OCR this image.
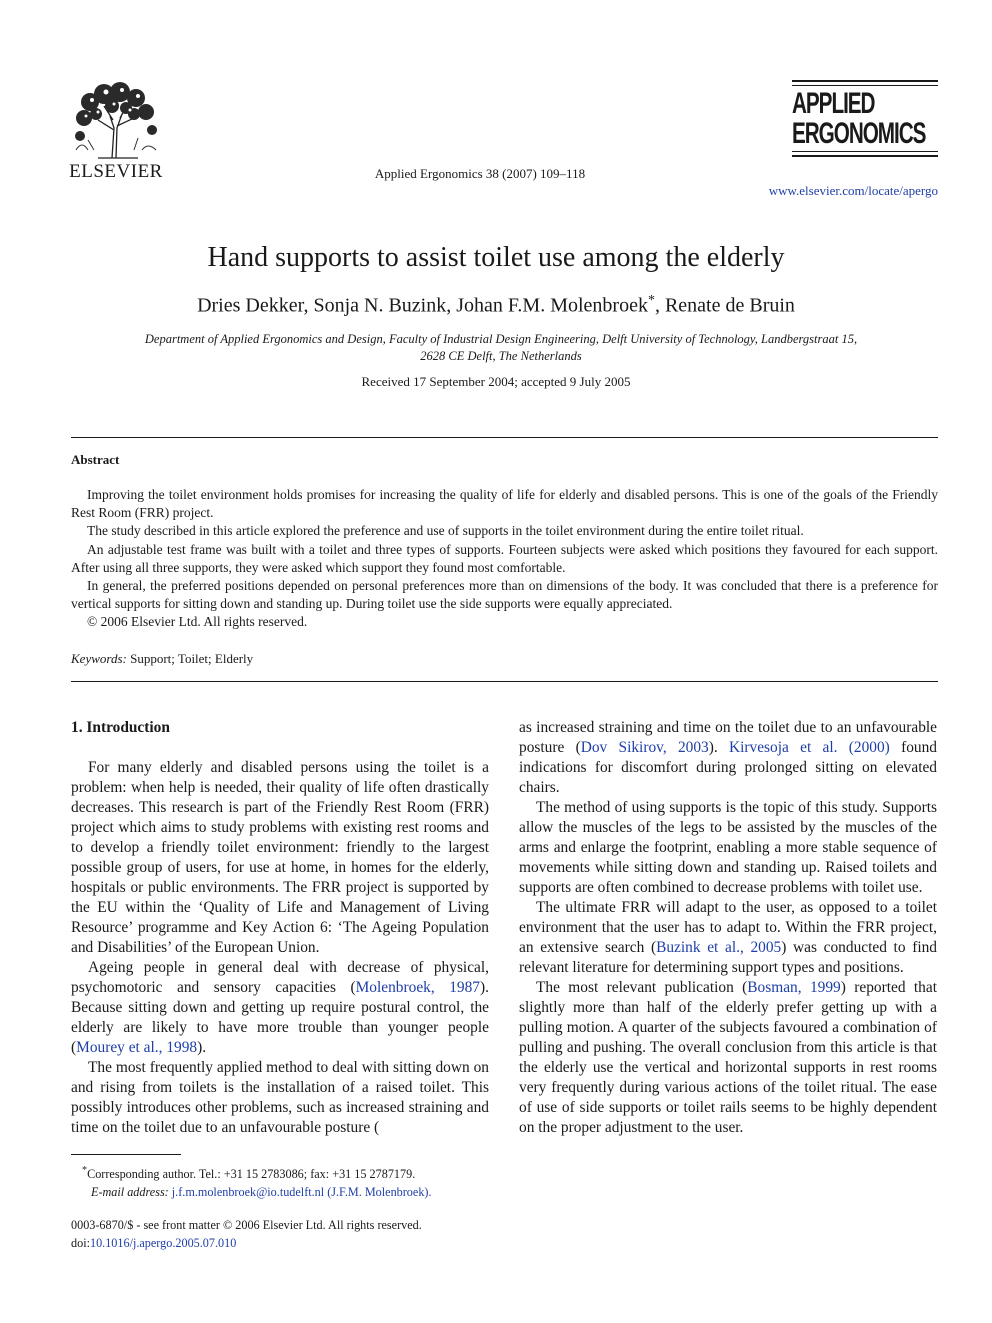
ELSEVIER	Applied Ergonomics 38 (2007) 109–118
APPLIED
ERGONOMICS
www.elsevier.com/locate/apergo
Hand supports to assist toilet use among the elderly
Dries Dekker, Sonja N. Buzink, Johan F.M. Molenbroek*, Renate de Bruin
Department of Applied Ergonomics and Design, Faculty of Industrial Design Engineering, Delft University of Technology, Landbergstraat 15,
2628 CE Delft, The Netherlands
Received 17 September 2004; accepted 9 July 2005
Abstract

Improving the toilet environment holds promises for increasing the quality of life for elderly and disabled persons. This is one of the goals of the Friendly Rest Room (FRR) project.

The study described in this article explored the preference and use of supports in the toilet environment during the entire toilet ritual.

An adjustable test frame was built with a toilet and three types of supports. Fourteen subjects were asked which positions they favoured for each support. After using all three supports, they were asked which support they found most comfortable.

In general, the preferred positions depended on personal preferences more than on dimensions of the body. It was concluded that there is a preference for vertical supports for sitting down and standing up. During toilet use the side supports were equally appreciated.

© 2006 Elsevier Ltd. All rights reserved.

Keywords: Support; Toilet; Elderly
1. Introduction

For many elderly and disabled persons using the toilet is a problem: when help is needed, their quality of life often drastically decreases. This research is part of the Friendly Rest Room (FRR) project which aims to study problems with existing rest rooms and to develop a friendly toilet environment: friendly to the largest possible group of users, for use at home, in homes for the elderly, hospitals or public environments. The FRR project is supported by the EU within the ‘Quality of Life and Management of Living Resource’ programme and Key Action 6: ‘The Ageing Population and Disabilities’ of the European Union.

Ageing people in general deal with decrease of physical, psychomotoric and sensory capacities (Molenbroek, 1987). Because sitting down and getting up require postural control, the elderly are likely to have more trouble than younger people (Mourey et al., 1998).

The most frequently applied method to deal with sitting down on and rising from toilets is the installation of a raised toilet. This possibly introduces other problems, such as increased straining and time on the toilet due to an unfavourable posture (

as increased straining and time on the toilet due to an unfavourable posture (Dov Sikirov, 2003). Kirvesoja et al. (2000) found indications for discomfort during prolonged sitting on elevated chairs.

The method of using supports is the topic of this study. Supports allow the muscles of the legs to be assisted by the muscles of the arms and enlarge the footprint, enabling a more stable sequence of movements while sitting down and standing up. Raised toilets and supports are often combined to decrease problems with toilet use.

The ultimate FRR will adapt to the user, as opposed to a toilet environment that the user has to adapt to. Within the FRR project, an extensive search (Buzink et al., 2005) was conducted to find relevant literature for determining support types and positions.

The most relevant publication (Bosman, 1999) reported that slightly more than half of the elderly prefer getting up with a pulling motion. A quarter of the subjects favoured a combination of pulling and pushing. The overall conclusion from this article is that the elderly use the vertical and horizontal supports in rest rooms very frequently during various actions of the toilet ritual. The ease of use of side supports or toilet rails seems to be highly dependent on the proper adjustment to the user.

*Corresponding author. Tel.: +31 15 2783086; fax: +31 15 2787179.
E-mail address: j.f.m.molenbroek@io.tudelft.nl (J.F.M. Molenbroek).
0003-6870/$ - see front matter © 2006 Elsevier Ltd. All rights reserved.
doi:10.1016/j.apergo.2005.07.010
